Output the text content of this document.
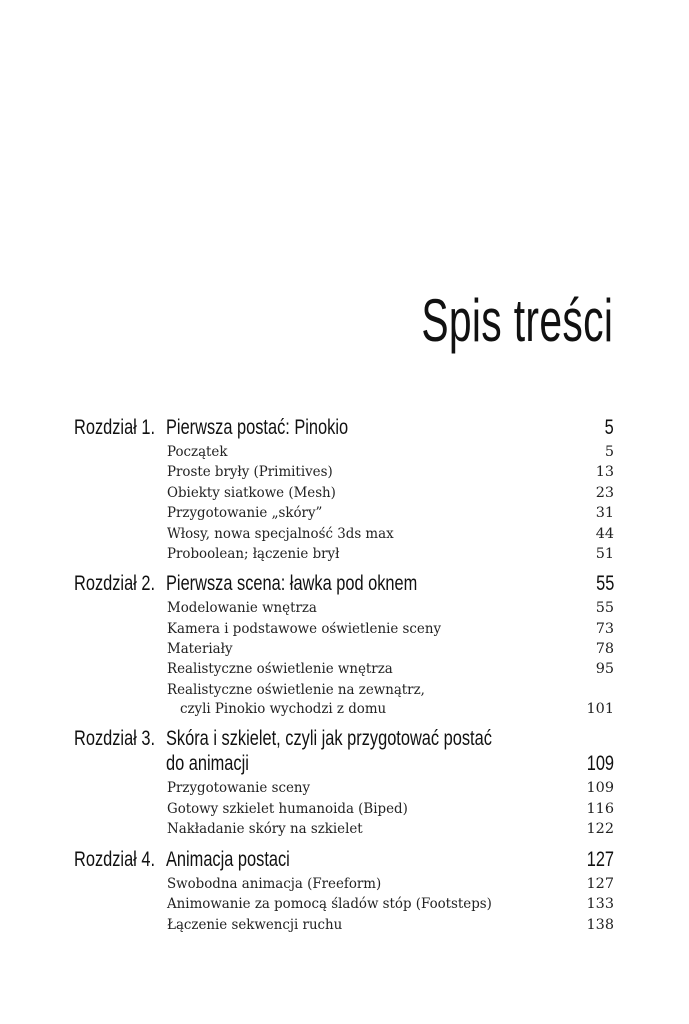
Spis treści
Rozdział 1. Pierwsza postać: Pinokio	5
Początek	5
Proste bryły (Primitives)	13
Obiekty siatkowe (Mesh)	23
Przygotowanie „skóry”	31
Włosy, nowa specjalność 3ds max	44
Proboolean; łączenie brył	51
Rozdział 2. Pierwsza scena: ławka pod oknem	55
Modelowanie wnętrza	55
Kamera i podstawowe oświetlenie sceny	73
Materiały	78
Realistyczne oświetlenie wnętrza	95
Realistyczne oświetlenie na zewnątrz,
czyli Pinokio wychodzi z domu	101
Rozdział 3. Skóra i szkielet, czyli jak przygotować postać
do animacji	109
Przygotowanie sceny	109
Gotowy szkielet humanoida (Biped)	116
Nakładanie skóry na szkielet	122
Rozdział 4. Animacja postaci	127
Swobodna animacja (Freeform)	127
Animowanie za pomocą śladów stóp (Footsteps)	133
Łączenie sekwencji ruchu	138
